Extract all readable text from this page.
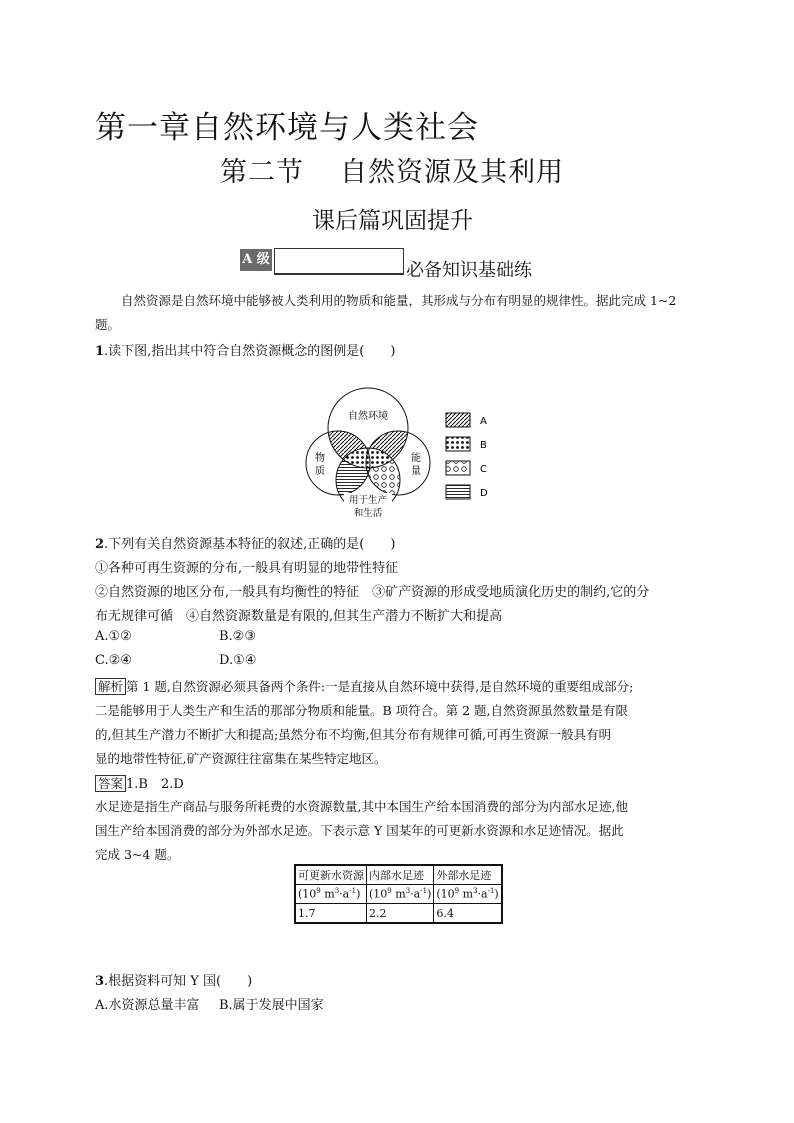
第一章自然环境与人类社会
第二节 自然资源及其利用
课后篇巩固提升
A 级
必备知识基础练
自然资源是自然环境中能够被人类利用的物质和能量，其形成与分布有明显的规律性。据此完成 1~2 题。
1.读下图,指出其中符合自然资源概念的图例是(　　)
自然环境
物
质
能
量
用于生产
和生活
A
B
C
D
2.下列有关自然资源基本特征的叙述,正确的是(　　)
①各种可再生资源的分布,一般具有明显的地带性特征
②自然资源的地区分布,一般具有均衡性的特征　③矿产资源的形成受地质演化历史的制约,它的分
布无规律可循　④自然资源数量是有限的,但其生产潜力不断扩大和提高
A.①②	B.②③
C.②④	D.①④
解析 第 1 题,自然资源必须具备两个条件:一是直接从自然环境中获得,是自然环境的重要组成部分;
二是能够用于人类生产和生活的那部分物质和能量。B 项符合。第 2 题,自然资源虽然数量是有限
的,但其生产潜力不断扩大和提高;虽然分布不均衡,但其分布有规律可循,可再生资源一般具有明
显的地带性特征,矿产资源往往富集在某些特定地区。
答案 1.B　2.D
水足迹是指生产商品与服务所耗费的水资源数量,其中本国生产给本国消费的部分为内部水足迹,他
国生产给本国消费的部分为外部水足迹。下表示意 Y 国某年的可更新水资源和水足迹情况。据此
完成 3~4 题。
可更新水资源	内部水足迹	外部水足迹
($10^9$ $m^3\cdot a^{-1}$)	($10^9$ $m^3\cdot a^{-1}$)	($10^9$ $m^3\cdot a^{-1}$)
1.7	2.2	6.4
3.根据资料可知 Y 国(　　)
A.水资源总量丰富 B.属于发展中国家
